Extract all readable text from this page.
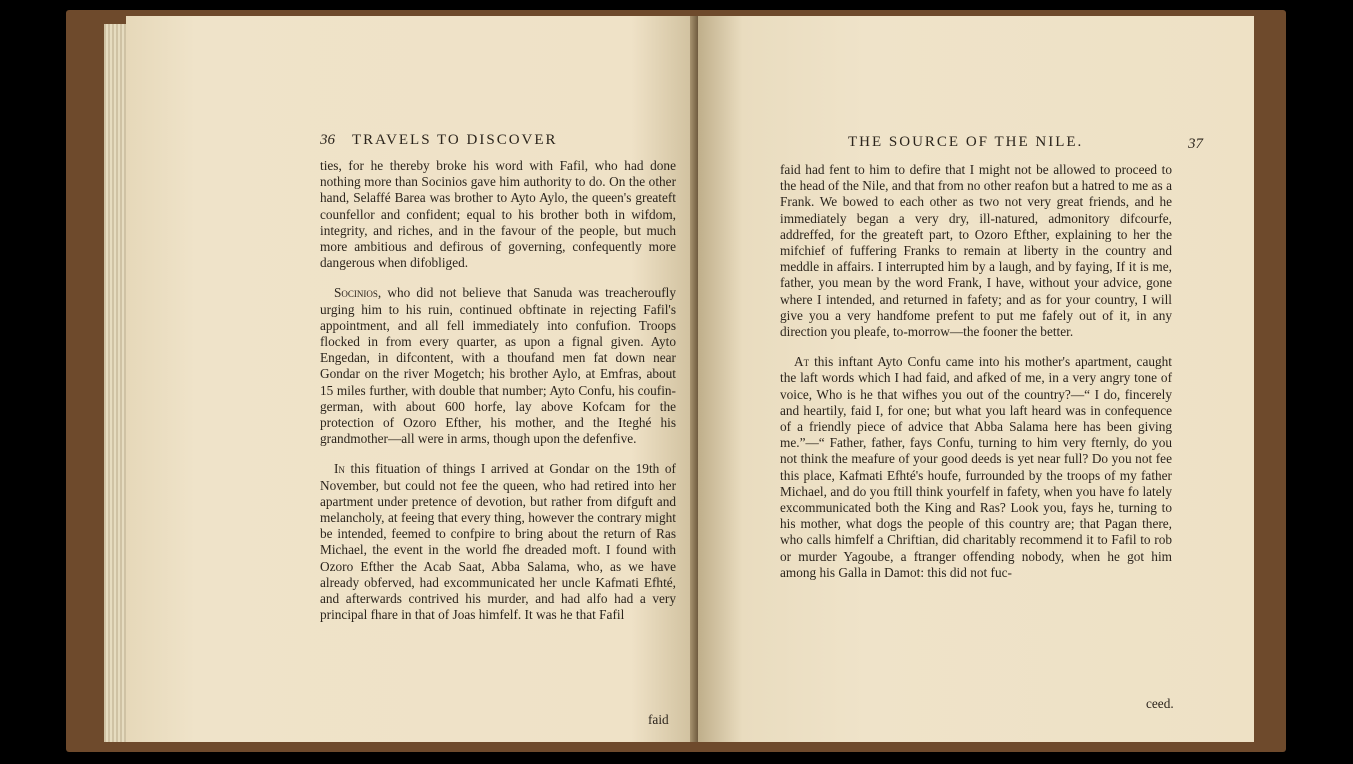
36 TRAVELS TO DISCOVER

ties, for he thereby broke his word with Fafil, who had done nothing more than Socinios gave him authority to do. On the other hand, Selaffé Barea was brother to Ayto Aylo, the queen's greateft counfellor and confident; equal to his brother both in wifdom, integrity, and riches, and in the favour of the people, but much more ambitious and defirous of governing, confequently more dangerous when difobliged.

Socinios, who did not believe that Sanuda was treacheroufly urging him to his ruin, continued obftinate in rejecting Fafil's appointment, and all fell immediately into confufion. Troops flocked in from every quarter, as upon a fignal given. Ayto Engedan, in difcontent, with a thoufand men fat down near Gondar on the river Mogetch; his brother Aylo, at Emfras, about 15 miles further, with double that number; Ayto Confu, his coufin-german, with about 600 horfe, lay above Kofcam for the protection of Ozoro Efther, his mother, and the Iteghé his grandmother—all were in arms, though upon the defenfive.

In this fituation of things I arrived at Gondar on the 19th of November, but could not fee the queen, who had retired into her apartment under pretence of devotion, but rather from difguft and melancholy, at feeing that every thing, however the contrary might be intended, feemed to confpire to bring about the return of Ras Michael, the event in the world fhe dreaded moft. I found with Ozoro Efther the Acab Saat, Abba Salama, who, as we have already obferved, had excommunicated her uncle Kafmati Efhté, and afterwards contrived his murder, and had alfo had a very principal fhare in that of Joas himfelf. It was he that Fafil

faid
THE SOURCE OF THE NILE.	37

faid had fent to him to defire that I might not be allowed to proceed to the head of the Nile, and that from no other reafon but a hatred to me as a Frank. We bowed to each other as two not very great friends, and he immediately began a very dry, ill-natured, admonitory difcourfe, addreffed, for the greateft part, to Ozoro Efther, explaining to her the mifchief of fuffering Franks to remain at liberty in the country and meddle in affairs. I interrupted him by a laugh, and by faying, If it is me, father, you mean by the word Frank, I have, without your advice, gone where I intended, and returned in fafety; and as for your country, I will give you a very handfome prefent to put me fafely out of it, in any direction you pleafe, to-morrow—the fooner the better.

At this inftant Ayto Confu came into his mother's apartment, caught the laft words which I had faid, and afked of me, in a very angry tone of voice, Who is he that wifhes you out of the country?—“ I do, fincerely and heartily, faid I, for one; but what you laft heard was in confequence of a friendly piece of advice that Abba Salama here has been giving me.”—“ Father, father, fays Confu, turning to him very fternly, do you not think the meafure of your good deeds is yet near full? Do you not fee this place, Kafmati Efhté's houfe, furrounded by the troops of my father Michael, and do you ftill think yourfelf in fafety, when you have fo lately excommunicated both the King and Ras? Look you, fays he, turning to his mother, what dogs the people of this country are; that Pagan there, who calls himfelf a Chriftian, did charitably recommend it to Fafil to rob or murder Yagoube, a ftranger offending nobody, when he got him among his Galla in Damot: this did not fuc-

ceed.
